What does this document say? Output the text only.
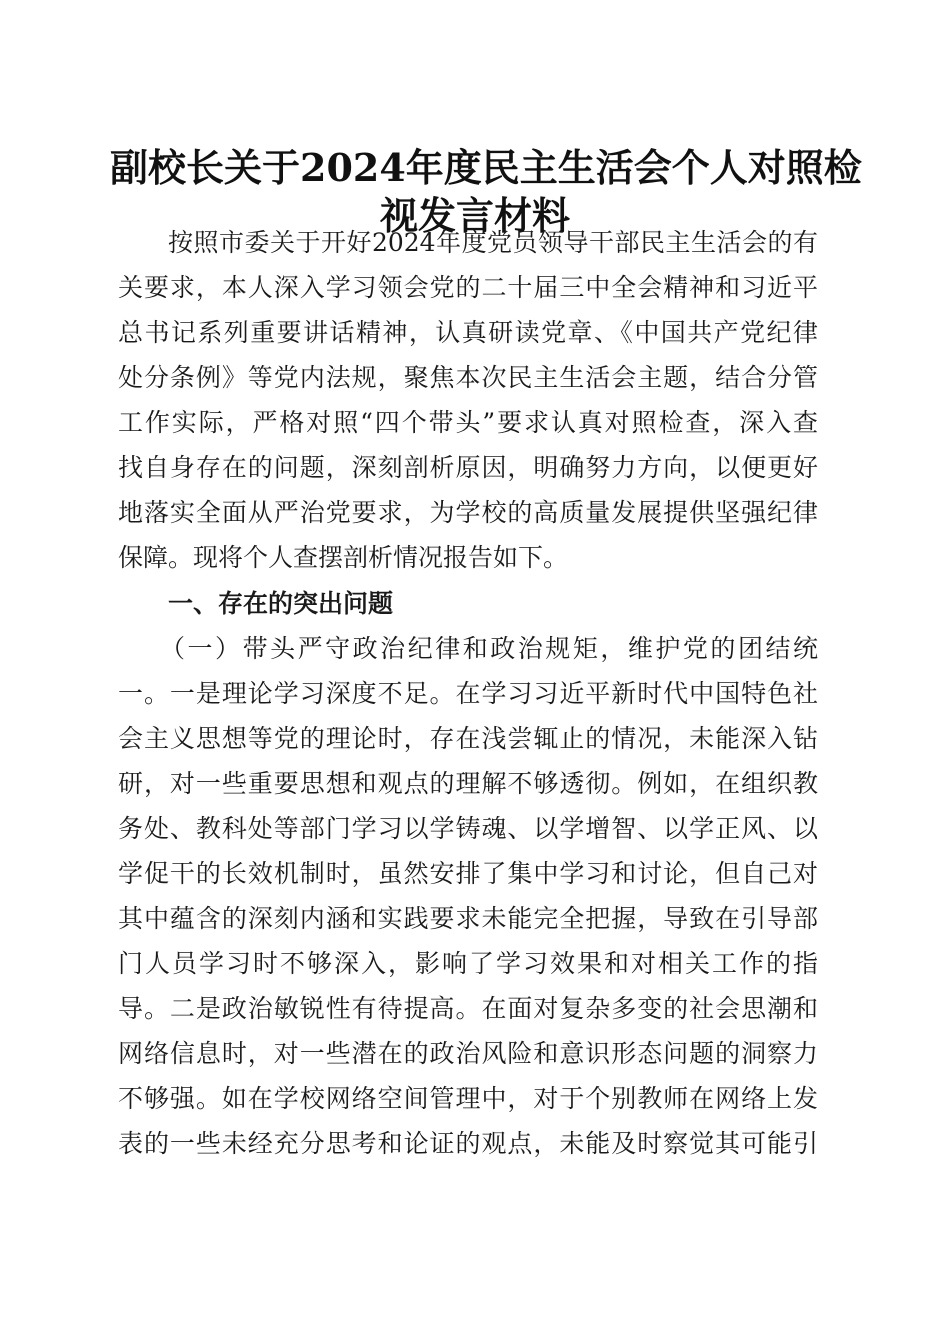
副校长关于2024年度民主生活会个人对照检
视发言材料

按照市委关于开好2024年度党员领导干部民主生活会的有

关要求，本人深入学习领会党的二十届三中全会精神和习近平

总书记系列重要讲话精神，认真研读党章、《中国共产党纪律

处分条例》等党内法规，聚焦本次民主生活会主题，结合分管

工作实际，严格对照“四个带头”要求认真对照检查，深入查

找自身存在的问题，深刻剖析原因，明确努力方向，以便更好

地落实全面从严治党要求，为学校的高质量发展提供坚强纪律

保障。现将个人查摆剖析情况报告如下。

一、存在的突出问题

（一）带头严守政治纪律和政治规矩，维护党的团结统

一。一是理论学习深度不足。在学习习近平新时代中国特色社

会主义思想等党的理论时，存在浅尝辄止的情况，未能深入钻

研，对一些重要思想和观点的理解不够透彻。例如，在组织教

务处、教科处等部门学习以学铸魂、以学增智、以学正风、以

学促干的长效机制时，虽然安排了集中学习和讨论，但自己对

其中蕴含的深刻内涵和实践要求未能完全把握，导致在引导部

门人员学习时不够深入，影响了学习效果和对相关工作的指

导。二是政治敏锐性有待提高。在面对复杂多变的社会思潮和

网络信息时，对一些潜在的政治风险和意识形态问题的洞察力

不够强。如在学校网络空间管理中，对于个别教师在网络上发

表的一些未经充分思考和论证的观点，未能及时察觉其可能引
